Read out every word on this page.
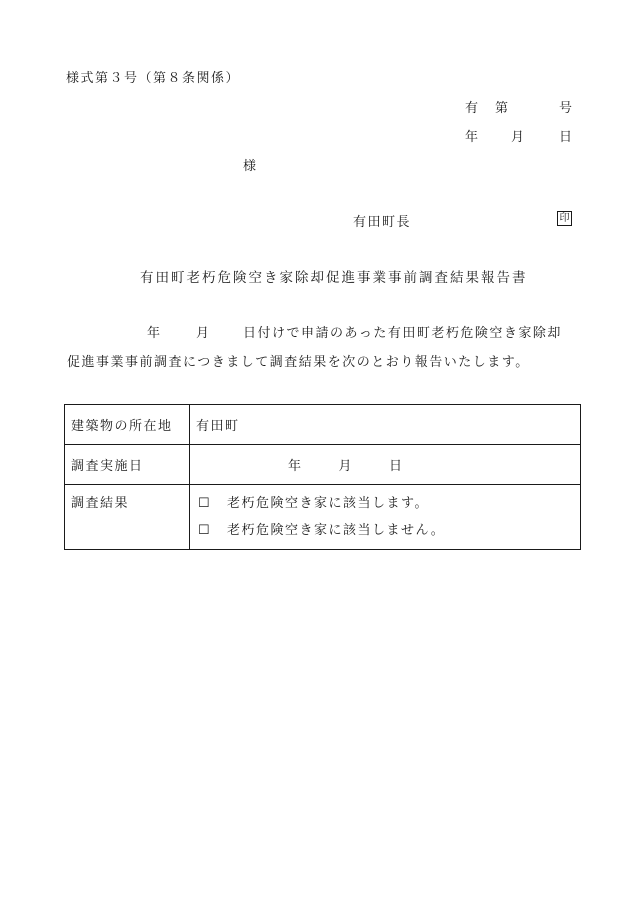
様式第３号（第８条関係）
有 第	号
年 月	日
様
有田町長	印
有田町老朽危険空き家除却促進事業事前調査結果報告書
年	月 日付けで申請のあった有田町老朽危険空き家除却
促進事業事前調査につきまして調査結果を次のとおり報告いたします。
建築物の所在地	有田町
調査実施日	年 月 日
調査結果	☐ 老朽危険空き家に該当します。
☐ 老朽危険空き家に該当しません。
